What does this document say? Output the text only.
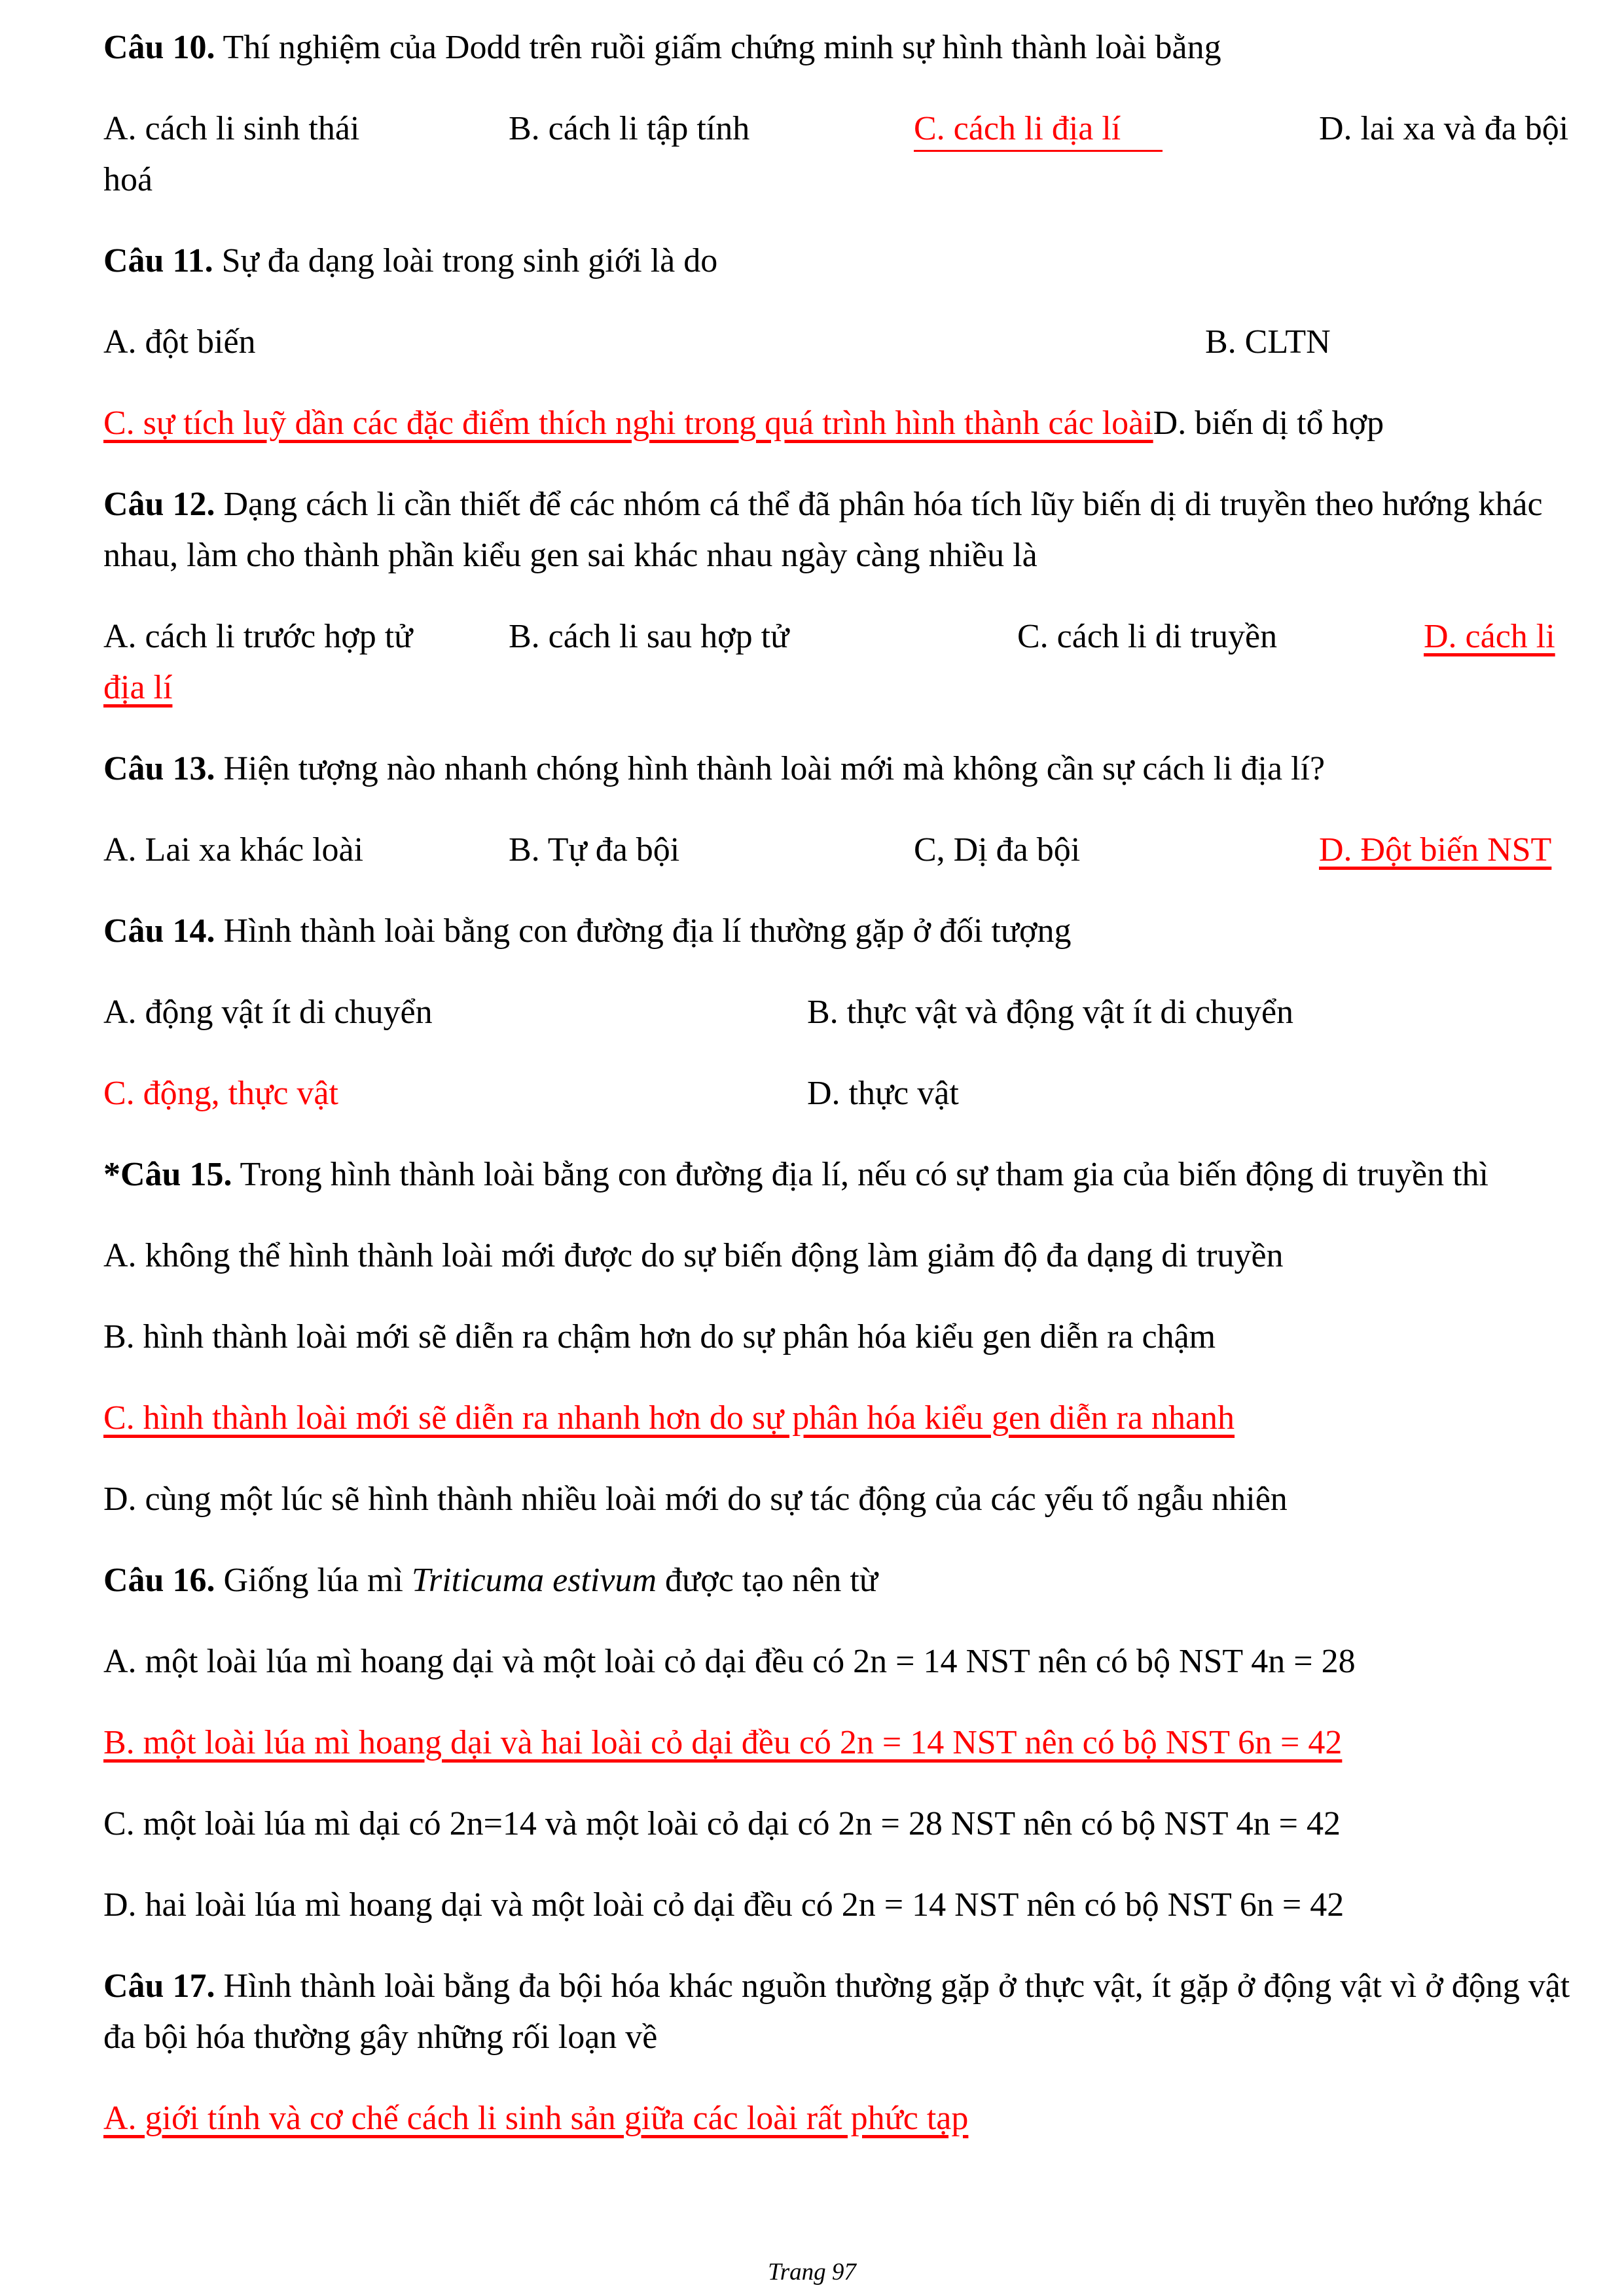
Câu 10. Thí nghiệm của Dodd trên ruồi giấm chứng minh sự hình thành loài bằng

A. cách li sinh thái	B. cách li tập tính	C. cách li địa lí	D. lai xa và đa bội hoá

Câu 11. Sự đa dạng loài trong sinh giới là do

A. đột biến	B. CLTN

C. sự tích luỹ dần các đặc điểm thích nghi trong quá trình hình thành các loàiD. biến dị tổ hợp

Câu 12. Dạng cách li cần thiết để các nhóm cá thể đã phân hóa tích lũy biến dị di truyền theo hướng khác nhau, làm cho thành phần kiểu gen sai khác nhau ngày càng nhiều là

A. cách li trước hợp tử	B. cách li sau hợp tử	C. cách li di truyền	D. cách li địa lí

Câu 13. Hiện tượng nào nhanh chóng hình thành loài mới mà không cần sự cách li địa lí?

A. Lai xa khác loài	B. Tự đa bội	C, Dị đa bội	D. Đột biến NST

Câu 14. Hình thành loài bằng con đường địa lí thường gặp ở đối tượng

A. động vật ít di chuyển	B. thực vật và động vật ít di chuyển

C. động, thực vật	D. thực vật

*Câu 15. Trong hình thành loài bằng con đường địa lí, nếu có sự tham gia của biến động di truyền thì

A. không thể hình thành loài mới được do sự biến động làm giảm độ đa dạng di truyền

B. hình thành loài mới sẽ diễn ra chậm hơn do sự phân hóa kiểu gen diễn ra chậm

C. hình thành loài mới sẽ diễn ra nhanh hơn do sự phân hóa kiểu gen diễn ra nhanh

D. cùng một lúc sẽ hình thành nhiều loài mới do sự tác động của các yếu tố ngẫu nhiên

Câu 16. Giống lúa mì Triticuma estivum được tạo nên từ

A. một loài lúa mì hoang dại và một loài cỏ dại đều có 2n = 14 NST nên có bộ NST 4n = 28

B. một loài lúa mì hoang dại và hai loài cỏ dại đều có 2n = 14 NST nên có bộ NST 6n = 42

C. một loài lúa mì dại có 2n=14 và một loài cỏ dại có 2n = 28 NST nên có bộ NST 4n = 42

D. hai loài lúa mì hoang dại và một loài cỏ dại đều có 2n = 14 NST nên có bộ NST 6n = 42

Câu 17. Hình thành loài bằng đa bội hóa khác nguồn thường gặp ở thực vật, ít gặp ở động vật vì ở động vật đa bội hóa thường gây những rối loạn về

A. giới tính và cơ chế cách li sinh sản giữa các loài rất phức tạp

Trang 97
